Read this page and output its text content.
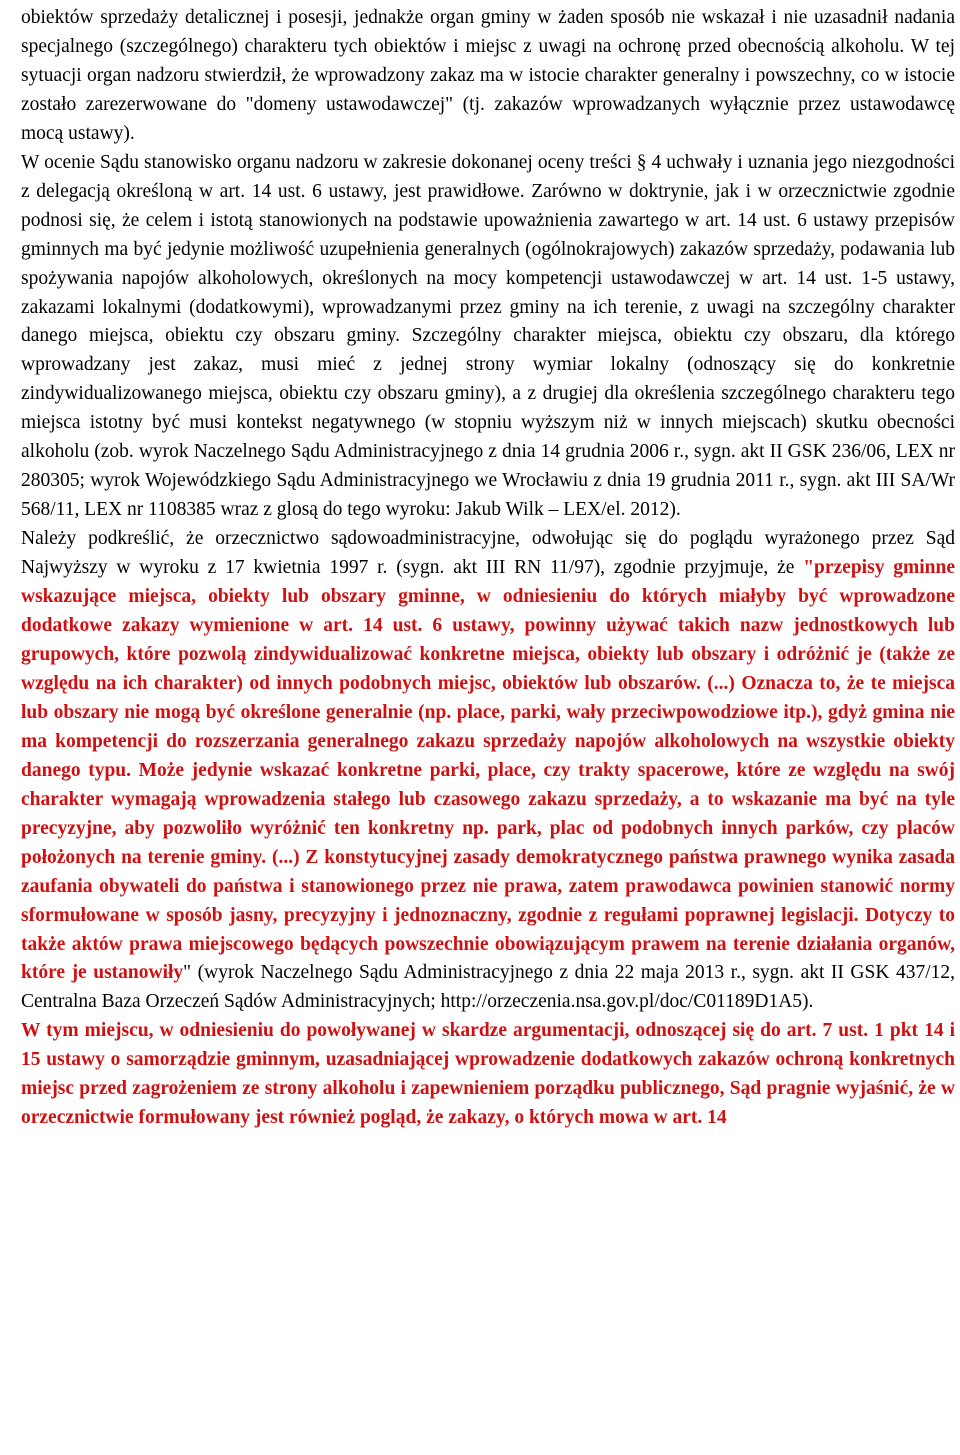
obiektów sprzedaży detalicznej i posesji, jednakże organ gminy w żaden sposób nie wskazał i nie uzasadnił nadania specjalnego (szczególnego) charakteru tych obiektów i miejsc z uwagi na ochronę przed obecnością alkoholu. W tej sytuacji organ nadzoru stwierdził, że wprowadzony zakaz ma w istocie charakter generalny i powszechny, co w istocie zostało zarezerwowane do "domeny ustawodawczej" (tj. zakazów wprowadzanych wyłącznie przez ustawodawcę mocą ustawy).

W ocenie Sądu stanowisko organu nadzoru w zakresie dokonanej oceny treści § 4 uchwały i uznania jego niezgodności z delegacją określoną w art. 14 ust. 6 ustawy, jest prawidłowe. Zarówno w doktrynie, jak i w orzecznictwie zgodnie podnosi się, że celem i istotą stanowionych na podstawie upoważnienia zawartego w art. 14 ust. 6 ustawy przepisów gminnych ma być jedynie możliwość uzupełnienia generalnych (ogólnokrajowych) zakazów sprzedaży, podawania lub spożywania napojów alkoholowych, określonych na mocy kompetencji ustawodawczej w art. 14 ust. 1-5 ustawy, zakazami lokalnymi (dodatkowymi), wprowadzanymi przez gminy na ich terenie, z uwagi na szczególny charakter danego miejsca, obiektu czy obszaru gminy. Szczególny charakter miejsca, obiektu czy obszaru, dla którego wprowadzany jest zakaz, musi mieć z jednej strony wymiar lokalny (odnoszący się do konkretnie zindywidualizowanego miejsca, obiektu czy obszaru gminy), a z drugiej dla określenia szczególnego charakteru tego miejsca istotny być musi kontekst negatywnego (w stopniu wyższym niż w innych miejscach) skutku obecności alkoholu (zob. wyrok Naczelnego Sądu Administracyjnego z dnia 14 grudnia 2006 r., sygn. akt II GSK 236/06, LEX nr 280305; wyrok Wojewódzkiego Sądu Administracyjnego we Wrocławiu z dnia 19 grudnia 2011 r., sygn. akt III SA/Wr 568/11, LEX nr 1108385 wraz z glosą do tego wyroku: Jakub Wilk – LEX/el. 2012).

Należy podkreślić, że orzecznictwo sądowoadministracyjne, odwołując się do poglądu wyrażonego przez Sąd Najwyższy w wyroku z 17 kwietnia 1997 r. (sygn. akt III RN 11/97), zgodnie przyjmuje, że "przepisy gminne wskazujące miejsca, obiekty lub obszary gminne, w odniesieniu do których miałyby być wprowadzone dodatkowe zakazy wymienione w art. 14 ust. 6 ustawy, powinny używać takich nazw jednostkowych lub grupowych, które pozwolą zindywidualizować konkretne miejsca, obiekty lub obszary i odróżnić je (także ze względu na ich charakter) od innych podobnych miejsc, obiektów lub obszarów. (...) Oznacza to, że te miejsca lub obszary nie mogą być określone generalnie (np. place, parki, wały przeciwpowodziowe itp.), gdyż gmina nie ma kompetencji do rozszerzania generalnego zakazu sprzedaży napojów alkoholowych na wszystkie obiekty danego typu. Może jedynie wskazać konkretne parki, place, czy trakty spacerowe, które ze względu na swój charakter wymagają wprowadzenia stałego lub czasowego zakazu sprzedaży, a to wskazanie ma być na tyle precyzyjne, aby pozwoliło wyróżnić ten konkretny np. park, plac od podobnych innych parków, czy placów położonych na terenie gminy. (...) Z konstytucyjnej zasady demokratycznego państwa prawnego wynika zasada zaufania obywateli do państwa i stanowionego przez nie prawa, zatem prawodawca powinien stanowić normy sformułowane w sposób jasny, precyzyjny i jednoznaczny, zgodnie z regułami poprawnej legislacji. Dotyczy to także aktów prawa miejscowego będących powszechnie obowiązującym prawem na terenie działania organów, które je ustanowiły" (wyrok Naczelnego Sądu Administracyjnego z dnia 22 maja 2013 r., sygn. akt II GSK 437/12, Centralna Baza Orzeczeń Sądów Administracyjnych; http://orzeczenia.nsa.gov.pl/doc/C01189D1A5).

W tym miejscu, w odniesieniu do powoływanej w skardze argumentacji, odnoszącej się do art. 7 ust. 1 pkt 14 i 15 ustawy o samorządzie gminnym, uzasadniającej wprowadzenie dodatkowych zakazów ochroną konkretnych miejsc przed zagrożeniem ze strony alkoholu i zapewnieniem porządku publicznego, Sąd pragnie wyjaśnić, że w orzecznictwie formułowany jest również pogląd, że zakazy, o których mowa w art. 14
